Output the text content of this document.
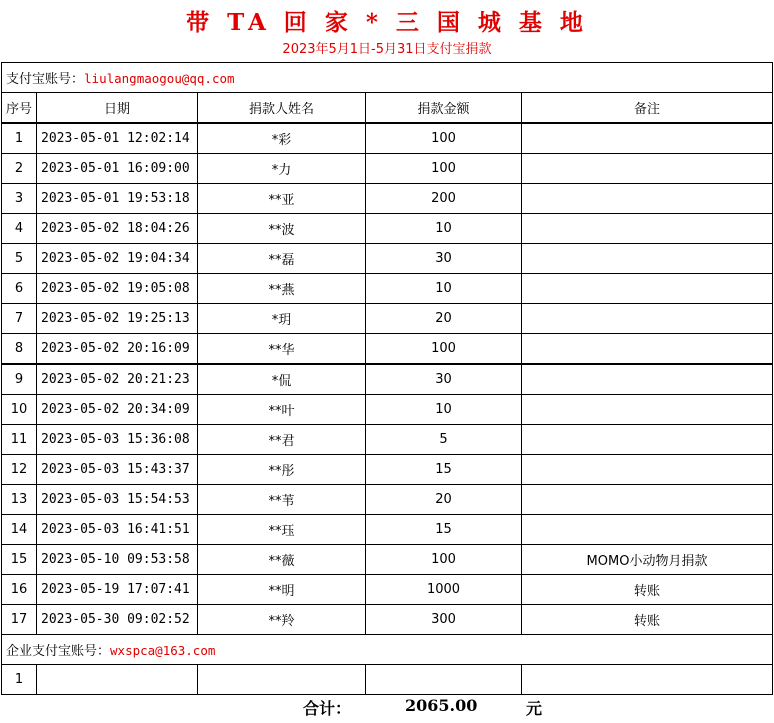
带 TA 回 家 * 三 国 城 基 地
2023年5月1日-5月31日支付宝捐款
支付宝账号：liulangmaogou@qq.com				
序号	日期	捐款人姓名	捐款金额	备注
1	2023-05-01 12:02:14	*彩	100	
2	2023-05-01 16:09:00	*力	100	
3	2023-05-01 19:53:18	**亚	200	
4	2023-05-02 18:04:26	**波	10	
5	2023-05-02 19:04:34	**磊	30	
6	2023-05-02 19:05:08	**燕	10	
7	2023-05-02 19:25:13	*玥	20	
8	2023-05-02 20:16:09	**华	100	
9	2023-05-02 20:21:23	*侃	30	
10	2023-05-02 20:34:09	**叶	10	
11	2023-05-03 15:36:08	**君	5	
12	2023-05-03 15:43:37	**彤	15	
13	2023-05-03 15:54:53	**苇	20	
14	2023-05-03 16:41:51	**珏	15	
15	2023-05-10 09:53:58	**薇	100	MOMO小动物月捐款
16	2023-05-19 17:07:41	**明	1000	转账
17	2023-05-30 09:02:52	**羚	300	转账
企业支付宝账号：wxspca@163.com				
1				
合计：	2065.00	元
